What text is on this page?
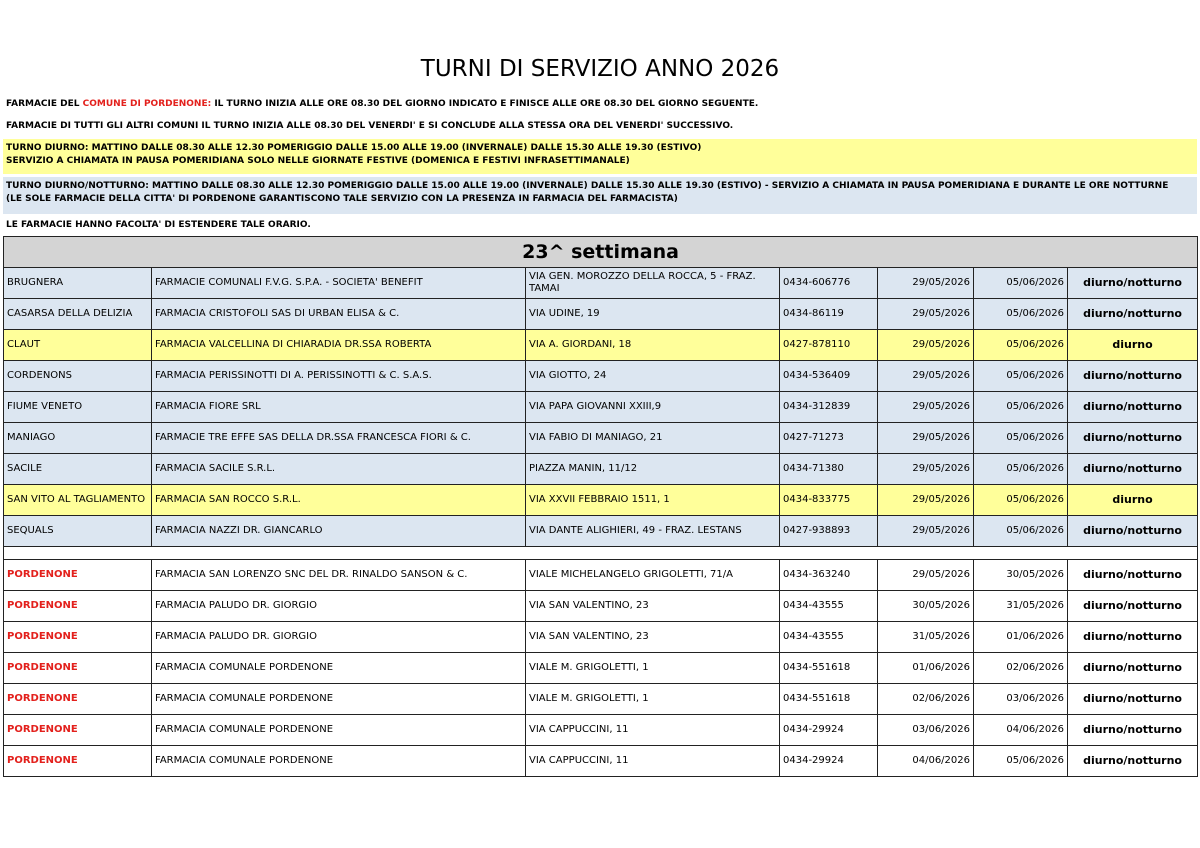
TURNI DI SERVIZIO ANNO 2026
FARMACIE DEL COMUNE DI PORDENONE: IL TURNO INIZIA ALLE ORE 08.30 DEL GIORNO INDICATO E FINISCE ALLE ORE 08.30 DEL GIORNO SEGUENTE.
FARMACIE DI TUTTI GLI ALTRI COMUNI IL TURNO INIZIA ALLE 08.30 DEL VENERDI' E SI CONCLUDE ALLA STESSA ORA DEL VENERDI' SUCCESSIVO.
TURNO DIURNO: MATTINO DALLE 08.30 ALLE 12.30 POMERIGGIO DALLE 15.00 ALLE 19.00 (INVERNALE) DALLE 15.30 ALLE 19.30 (ESTIVO)
SERVIZIO A CHIAMATA IN PAUSA POMERIDIANA SOLO NELLE GIORNATE FESTIVE (DOMENICA E FESTIVI INFRASETTIMANALE)
TURNO DIURNO/NOTTURNO: MATTINO DALLE 08.30 ALLE 12.30 POMERIGGIO DALLE 15.00 ALLE 19.00 (INVERNALE) DALLE 15.30 ALLE 19.30 (ESTIVO) - SERVIZIO A CHIAMATA IN PAUSA POMERIDIANA E DURANTE LE ORE NOTTURNE
(LE SOLE FARMACIE DELLA CITTA' DI PORDENONE GARANTISCONO TALE SERVIZIO CON LA PRESENZA IN FARMACIA DEL FARMACISTA)
LE FARMACIE HANNO FACOLTA' DI ESTENDERE TALE ORARIO.
23^ settimana						
BRUGNERA	FARMACIE COMUNALI F.V.G. S.P.A. - SOCIETA' BENEFIT	VIA GEN. MOROZZO DELLA ROCCA, 5 - FRAZ. TAMAI	0434-606776	29/05/2026	05/06/2026	diurno/notturno
CASARSA DELLA DELIZIA	FARMACIA CRISTOFOLI SAS DI URBAN ELISA & C.	VIA UDINE, 19	0434-86119	29/05/2026	05/06/2026	diurno/notturno
CLAUT	FARMACIA VALCELLINA DI CHIARADIA DR.SSA ROBERTA	VIA A. GIORDANI, 18	0427-878110	29/05/2026	05/06/2026	diurno
CORDENONS	FARMACIA PERISSINOTTI DI A. PERISSINOTTI & C. S.A.S.	VIA GIOTTO, 24	0434-536409	29/05/2026	05/06/2026	diurno/notturno
FIUME VENETO	FARMACIA FIORE SRL	VIA PAPA GIOVANNI XXIII,9	0434-312839	29/05/2026	05/06/2026	diurno/notturno
MANIAGO	FARMACIE TRE EFFE SAS DELLA DR.SSA FRANCESCA FIORI & C.	VIA FABIO DI MANIAGO, 21	0427-71273	29/05/2026	05/06/2026	diurno/notturno
SACILE	FARMACIA SACILE S.R.L.	PIAZZA MANIN, 11/12	0434-71380	29/05/2026	05/06/2026	diurno/notturno
SAN VITO AL TAGLIAMENTO	FARMACIA SAN ROCCO S.R.L.	VIA XXVII FEBBRAIO 1511, 1	0434-833775	29/05/2026	05/06/2026	diurno
SEQUALS	FARMACIA NAZZI DR. GIANCARLO	VIA DANTE ALIGHIERI, 49 - FRAZ. LESTANS	0427-938893	29/05/2026	05/06/2026	diurno/notturno

PORDENONE	FARMACIA SAN LORENZO SNC DEL DR. RINALDO SANSON & C.	VIALE MICHELANGELO GRIGOLETTI, 71/A	0434-363240	29/05/2026	30/05/2026	diurno/notturno
PORDENONE	FARMACIA PALUDO DR. GIORGIO	VIA SAN VALENTINO, 23	0434-43555	30/05/2026	31/05/2026	diurno/notturno
PORDENONE	FARMACIA PALUDO DR. GIORGIO	VIA SAN VALENTINO, 23	0434-43555	31/05/2026	01/06/2026	diurno/notturno
PORDENONE	FARMACIA COMUNALE PORDENONE	VIALE M. GRIGOLETTI, 1	0434-551618	01/06/2026	02/06/2026	diurno/notturno
PORDENONE	FARMACIA COMUNALE PORDENONE	VIALE M. GRIGOLETTI, 1	0434-551618	02/06/2026	03/06/2026	diurno/notturno
PORDENONE	FARMACIA COMUNALE PORDENONE	VIA CAPPUCCINI, 11	0434-29924	03/06/2026	04/06/2026	diurno/notturno
PORDENONE	FARMACIA COMUNALE PORDENONE	VIA CAPPUCCINI, 11	0434-29924	04/06/2026	05/06/2026	diurno/notturno
